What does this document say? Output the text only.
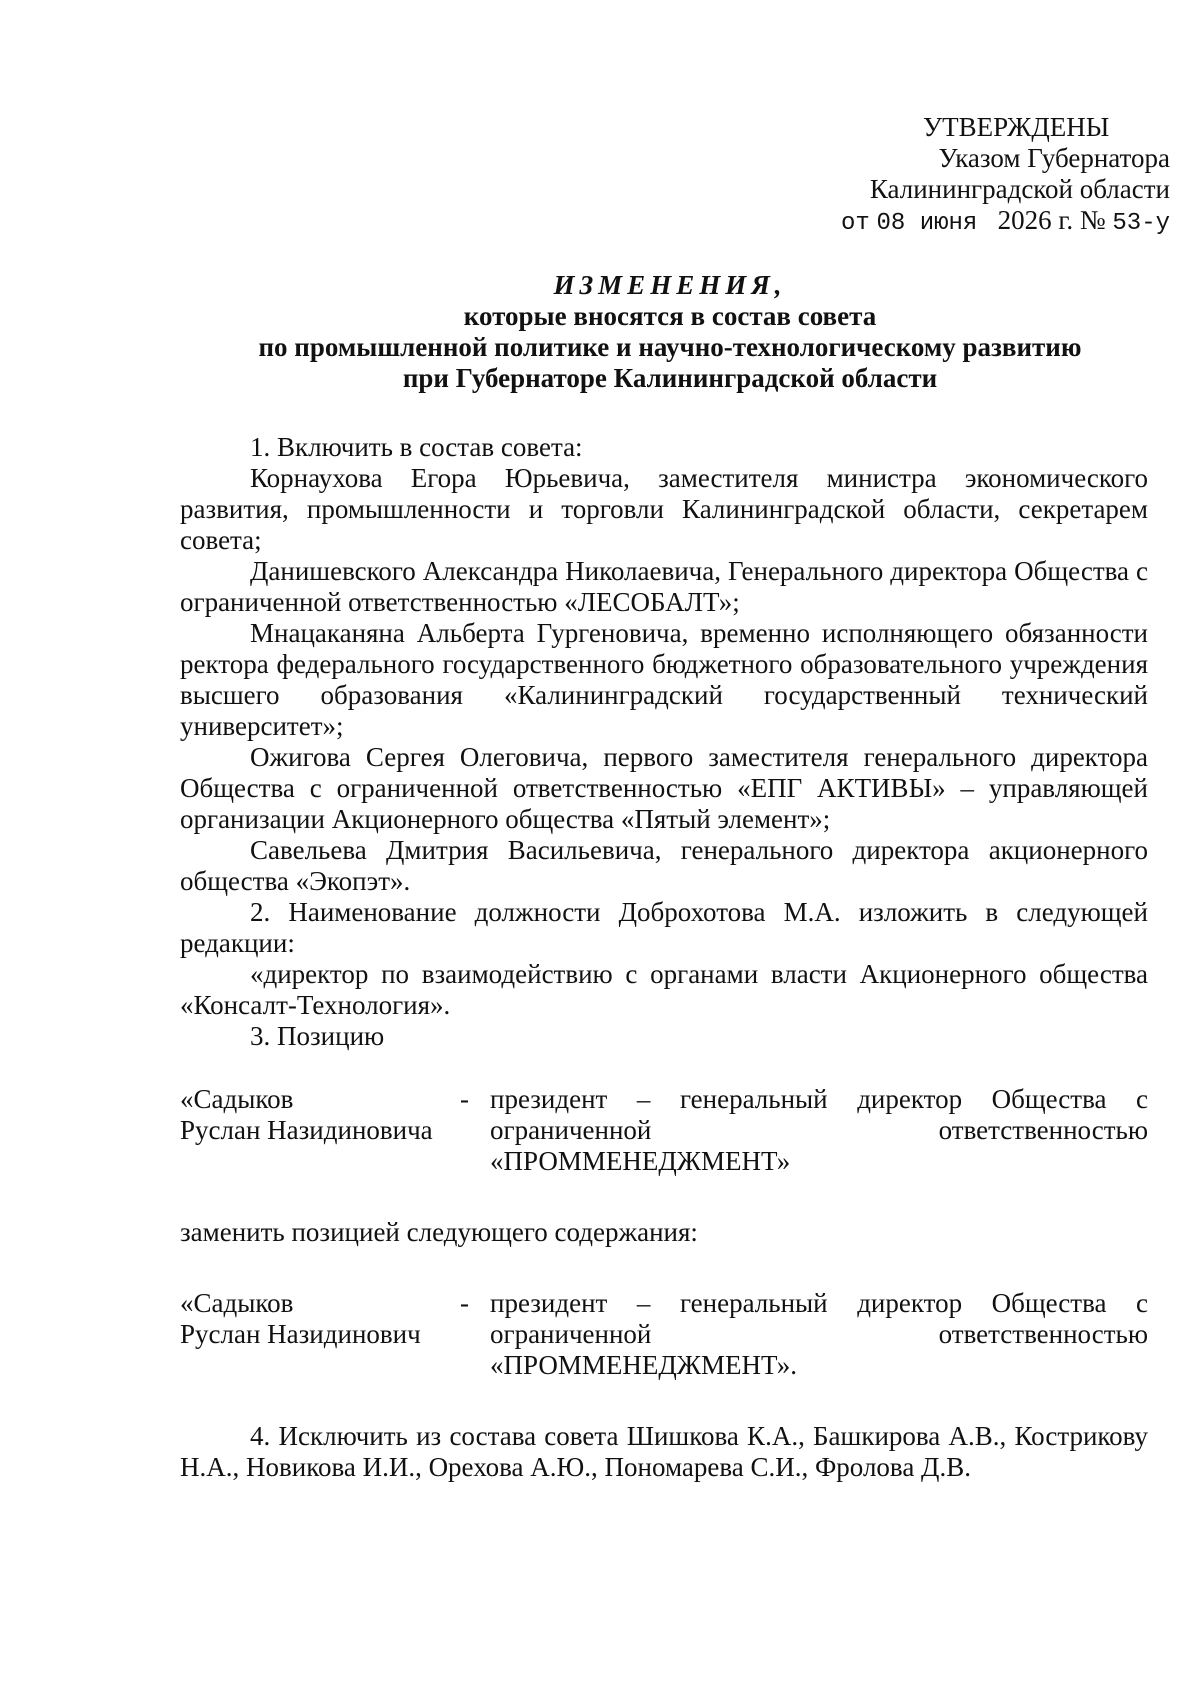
УТВЕРЖДЕНЫ
Указом Губернатора
Калининградской области
от 08 июня 2026 г. № 53-у
ИЗМЕНЕНИЯ,
которые вносятся в состав совета
по промышленной политике и научно-технологическому развитию
при Губернаторе Калининградской области

1. Включить в состав совета:

Корнаухова Егора Юрьевича, заместителя министра экономического развития, промышленности и торговли Калининградской области, секретарем совета;

Данишевского Александра Николаевича, Генерального директора Общества с ограниченной ответственностью «ЛЕСОБАЛТ»;

Мнацаканяна Альберта Гургеновича, временно исполняющего обязанности ректора федерального государственного бюджетного образовательного учреждения высшего образования «Калининградский государственный технический университет»;

Ожигова Сергея Олеговича, первого заместителя генерального директора Общества с ограниченной ответственностью «ЕПГ АКТИВЫ» – управляющей организации Акционерного общества «Пятый элемент»;

Савельева Дмитрия Васильевича, генерального директора акционерного общества «Экопэт».

2. Наименование должности Доброхотова М.А. изложить в следующей редакции:

«директор по взаимодействию с органами власти Акционерного общества «Консалт-Технология».

3. Позицию

«Садыков
Руслан Назидиновича
- президент – генеральный директор Общества с ограниченной ответственностью «ПРОММЕНЕДЖМЕНТ»

заменить позицией следующего содержания:

«Садыков
Руслан Назидинович
- президент – генеральный директор Общества с ограниченной ответственностью «ПРОММЕНЕДЖМЕНТ».

4. Исключить из состава совета Шишкова К.А., Башкирова А.В., Кострикову Н.А., Новикова И.И., Орехова А.Ю., Пономарева С.И., Фролова Д.В.
